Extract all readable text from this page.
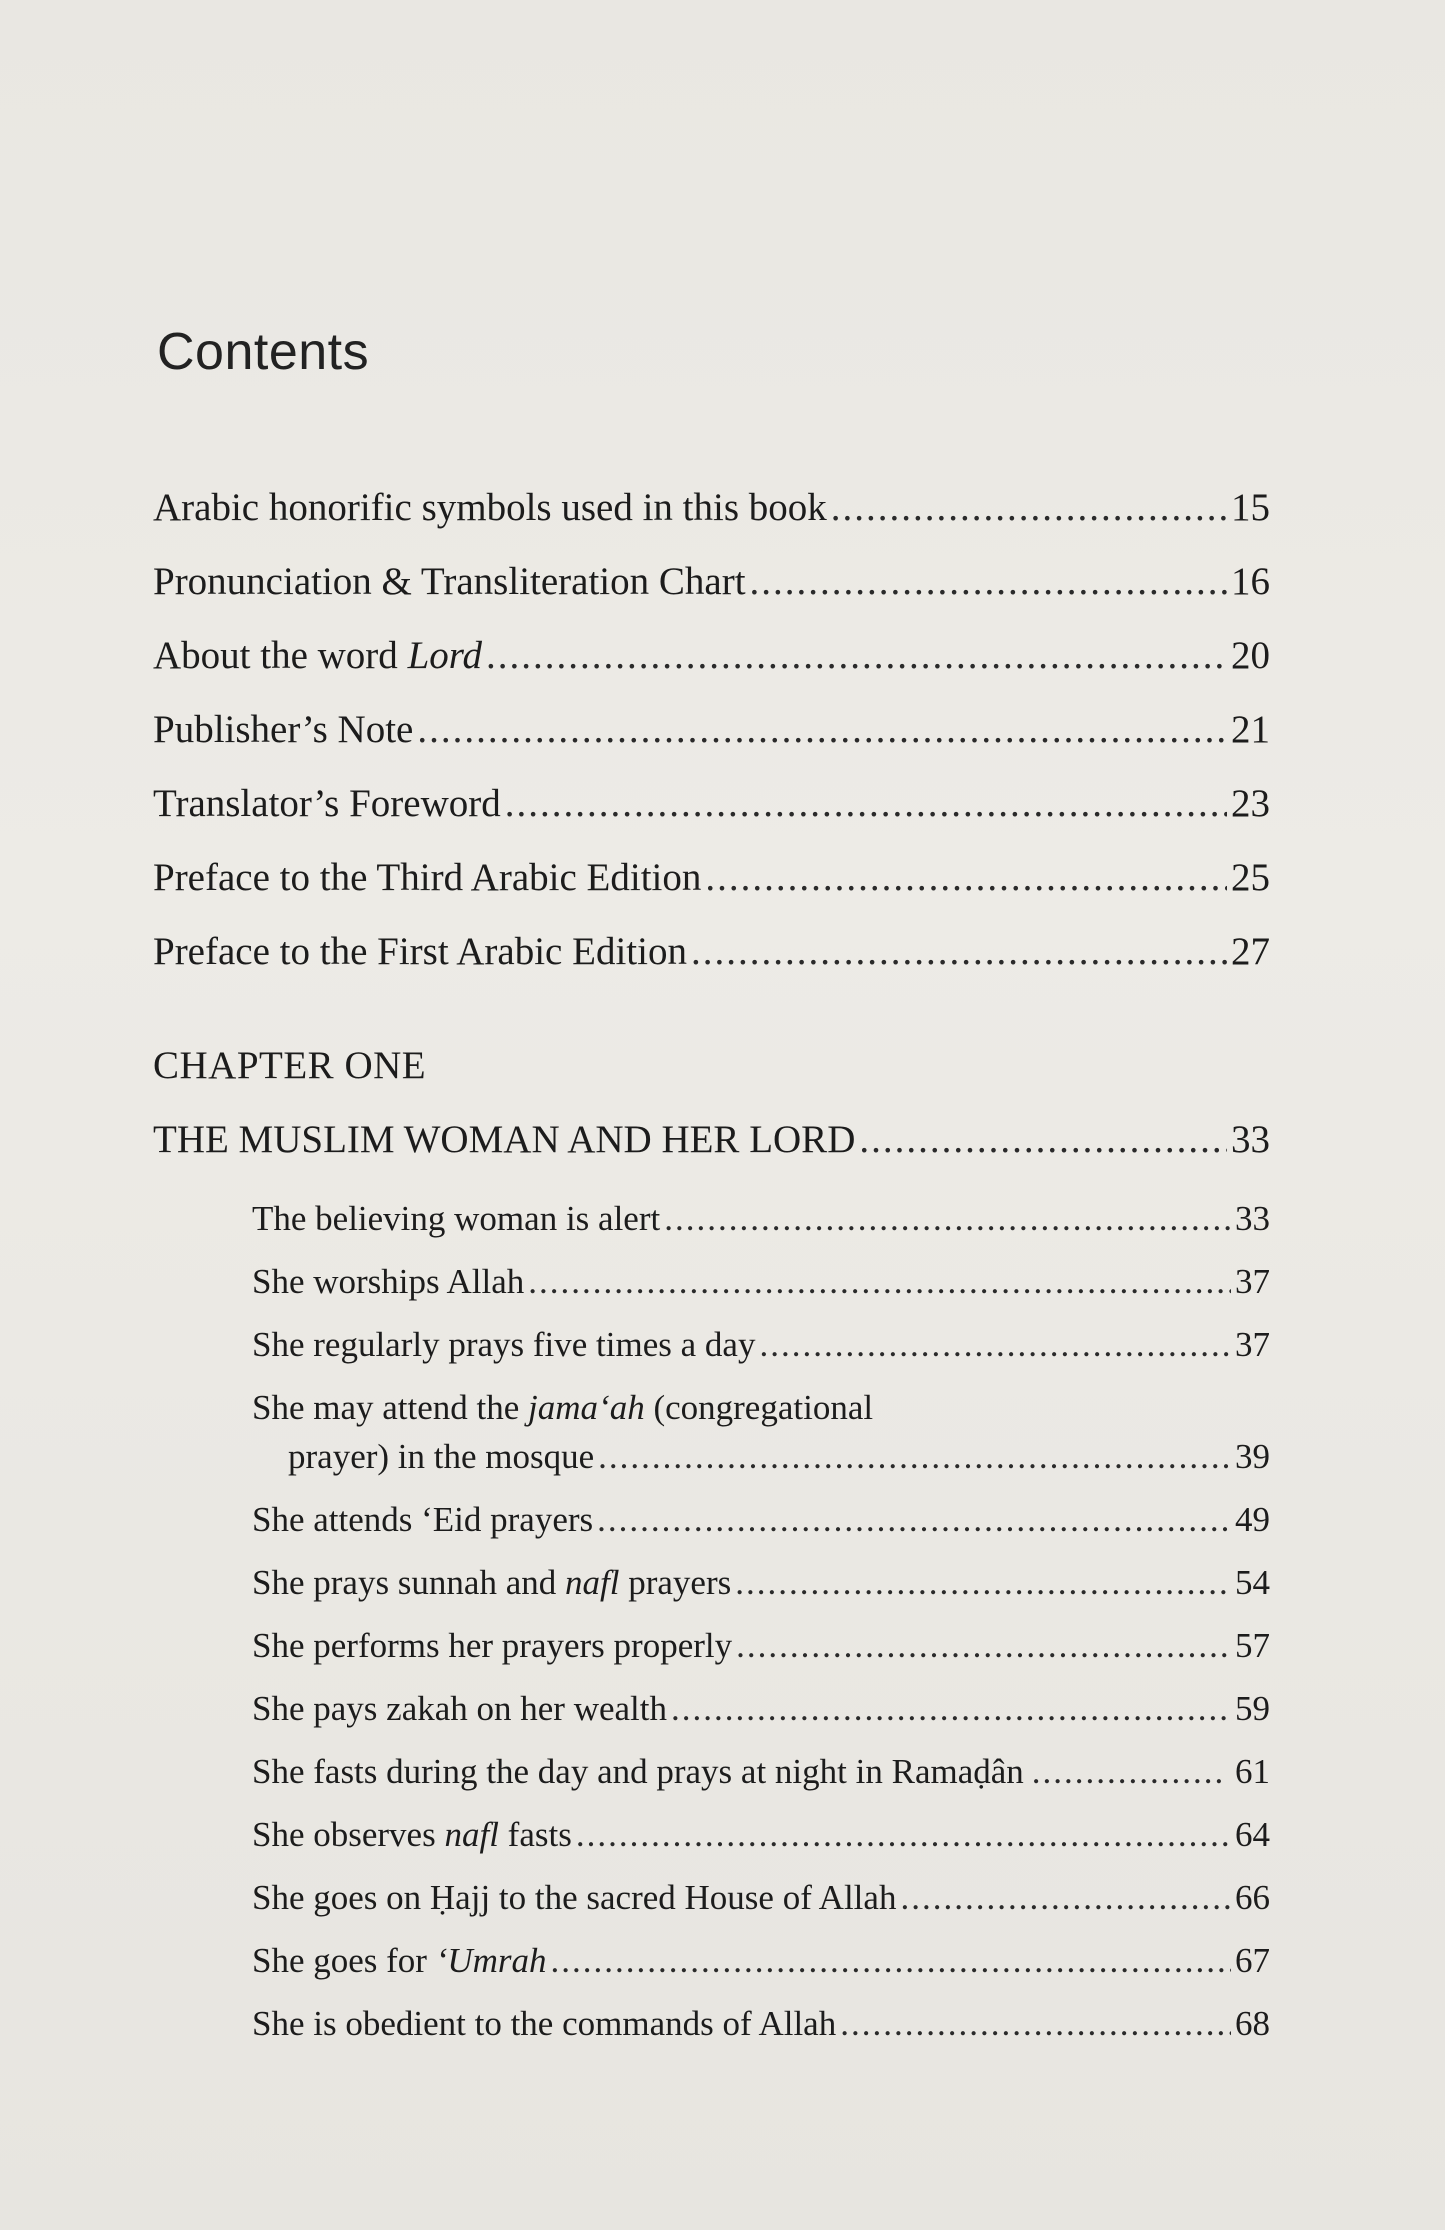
Contents
Arabic honorific symbols used in this book .....	15
Pronunciation & Transliteration Chart .....	16
About the word Lord .....	20
Publisher’s Note .....	21
Translator’s Foreword .....	23
Preface to the Third Arabic Edition .....	25
Preface to the First Arabic Edition .....	27
CHAPTER ONE
THE MUSLIM WOMAN AND HER LORD .....	33
The believing woman is alert .....	33
She worships Allah .....	37
She regularly prays five times a day .....	37
She may attend the jama‘ah (congregational
prayer) in the mosque .....	39
She attends ‘Eid prayers .....	49
She prays sunnah and nafl prayers .....	54
She performs her prayers properly .....	57
She pays zakah on her wealth .....	59
She fasts during the day and prays at night in Ramaḍân .....	61
She observes nafl fasts .....	64
She goes on Ḥajj to the sacred House of Allah .....	66
She goes for ‘Umrah .....	67
She is obedient to the commands of Allah .....	68
